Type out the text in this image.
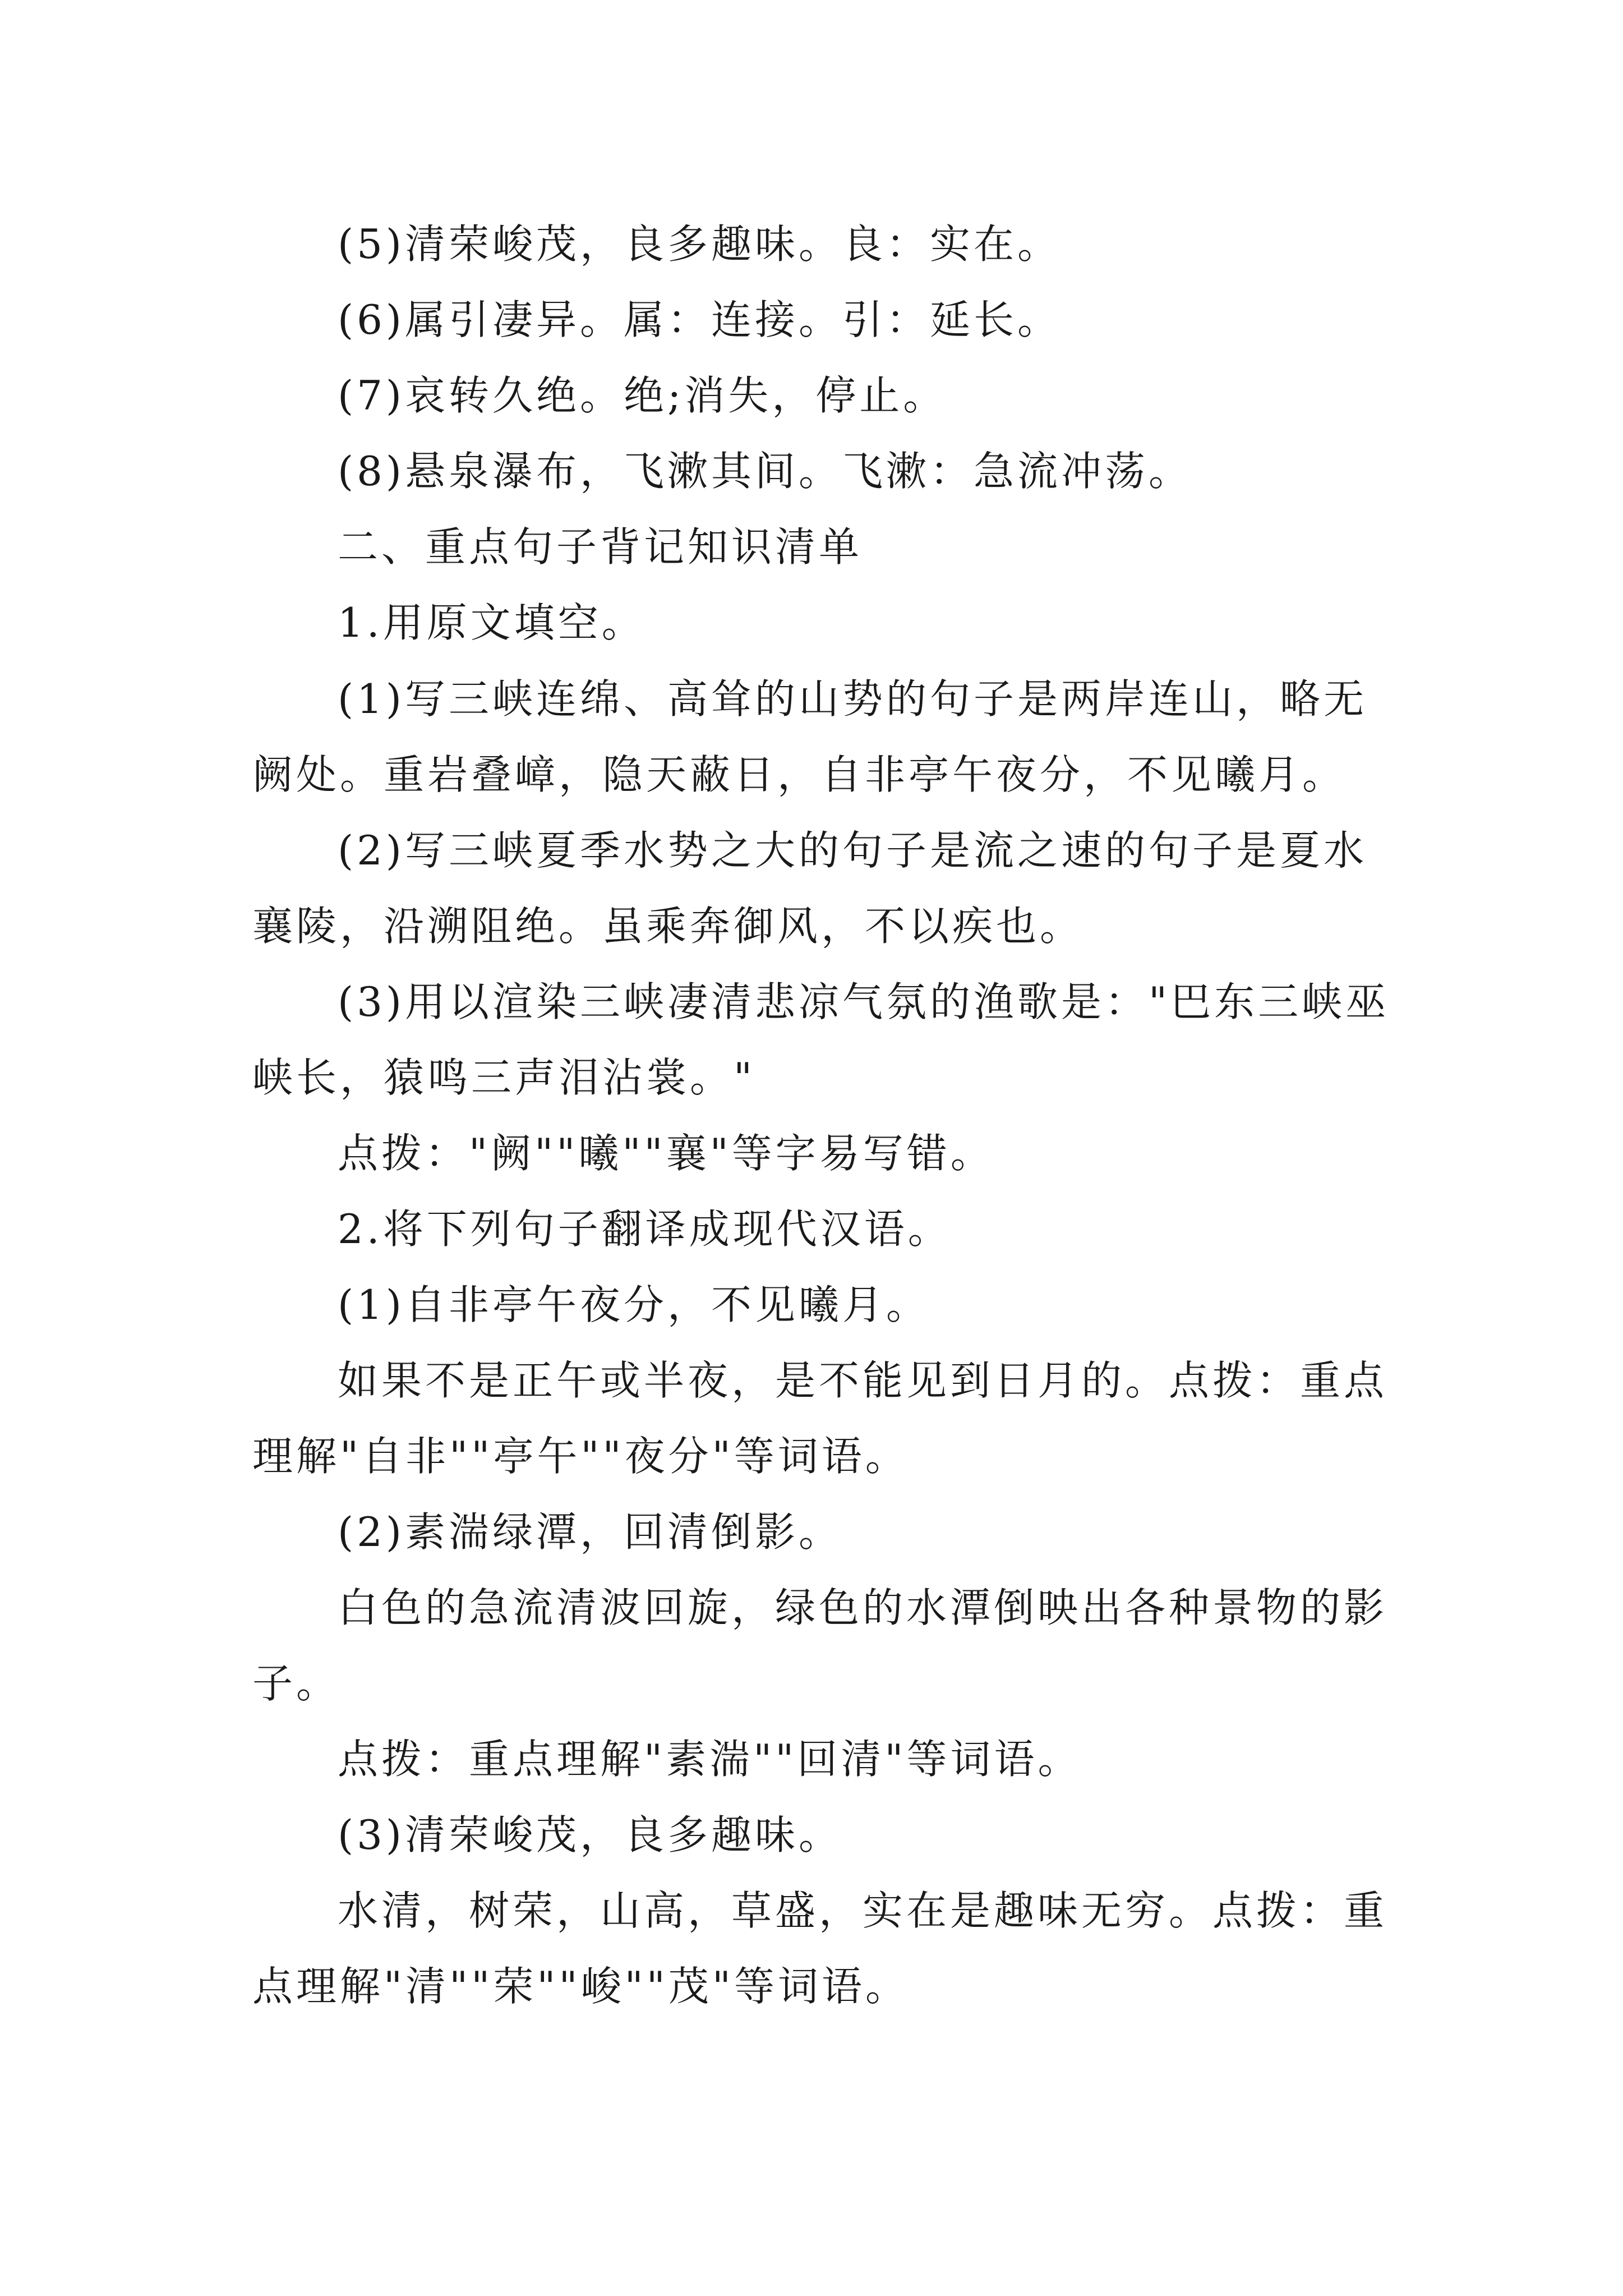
(5)清荣峻茂，良多趣味。良：实在。
(6)属引凄异。属：连接。引：延长。
(7)哀转久绝。绝;消失，停止。
(8)悬泉瀑布，飞漱其间。飞漱：急流冲荡。
二、重点句子背记知识清单
1.用原文填空。
(1)写三峡连绵、高耸的山势的句子是两岸连山，略无
阙处。重岩叠嶂，隐天蔽日，自非亭午夜分，不见曦月。
(2)写三峡夏季水势之大的句子是流之速的句子是夏水
襄陵，沿溯阻绝。虽乘奔御风，不以疾也。
(3)用以渲染三峡凄清悲凉气氛的渔歌是："巴东三峡巫
峡长，猿鸣三声泪沾裳。"
点拨："阙""曦""襄"等字易写错。
2.将下列句子翻译成现代汉语。
(1)自非亭午夜分，不见曦月。
如果不是正午或半夜，是不能见到日月的。点拨：重点
理解"自非""亭午""夜分"等词语。
(2)素湍绿潭，回清倒影。
白色的急流清波回旋，绿色的水潭倒映出各种景物的影
子。
点拨：重点理解"素湍""回清"等词语。
(3)清荣峻茂，良多趣味。
水清，树荣，山高，草盛，实在是趣味无穷。点拨：重
点理解"清""荣""峻""茂"等词语。
